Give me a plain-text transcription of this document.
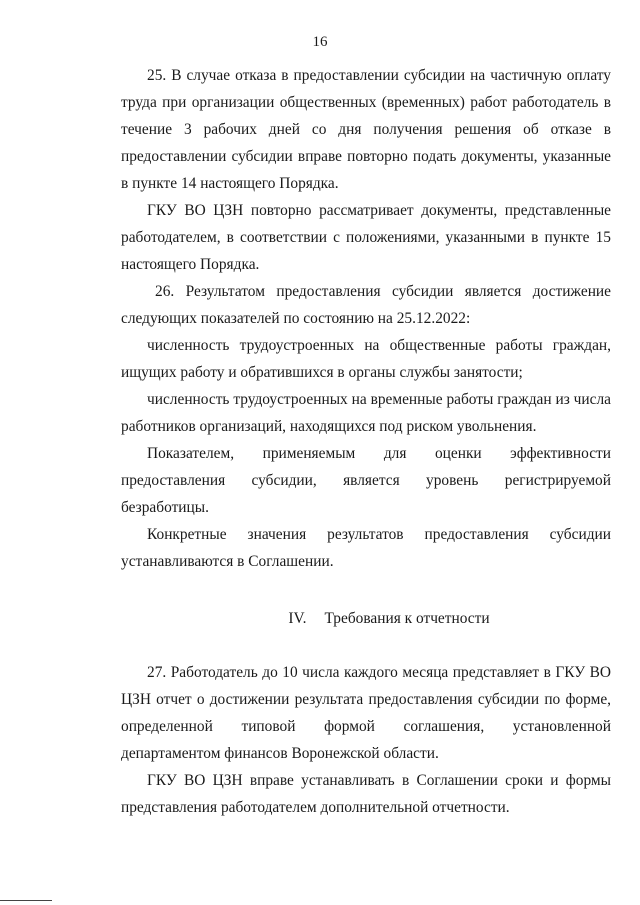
16

25. В случае отказа в предоставлении субсидии на частичную оплату труда при организации общественных (временных) работ работодатель в течение 3 рабочих дней со дня получения решения об отказе в предоставлении субсидии вправе повторно подать документы, указанные в пункте 14 настоящего Порядка.

ГКУ ВО ЦЗН повторно рассматривает документы, представленные работодателем, в соответствии с положениями, указанными в пункте 15 настоящего Порядка.

26. Результатом предоставления субсидии является достижение следующих показателей по состоянию на 25.12.2022:

численность трудоустроенных на общественные работы граждан, ищущих работу и обратившихся в органы службы занятости;

численность трудоустроенных на временные работы граждан из числа работников организаций, находящихся под риском увольнения.

Показателем, применяемым для оценки эффективности предоставления субсидии, является уровень регистрируемой безработицы.

Конкретные значения результатов предоставления субсидии устанавливаются в Соглашении.

IV. Требования к отчетности

27. Работодатель до 10 числа каждого месяца представляет в ГКУ ВО ЦЗН отчет о достижении результата предоставления субсидии по форме, определенной типовой формой соглашения, установленной департаментом финансов Воронежской области.

ГКУ ВО ЦЗН вправе устанавливать в Соглашении сроки и формы представления работодателем дополнительной отчетности.
